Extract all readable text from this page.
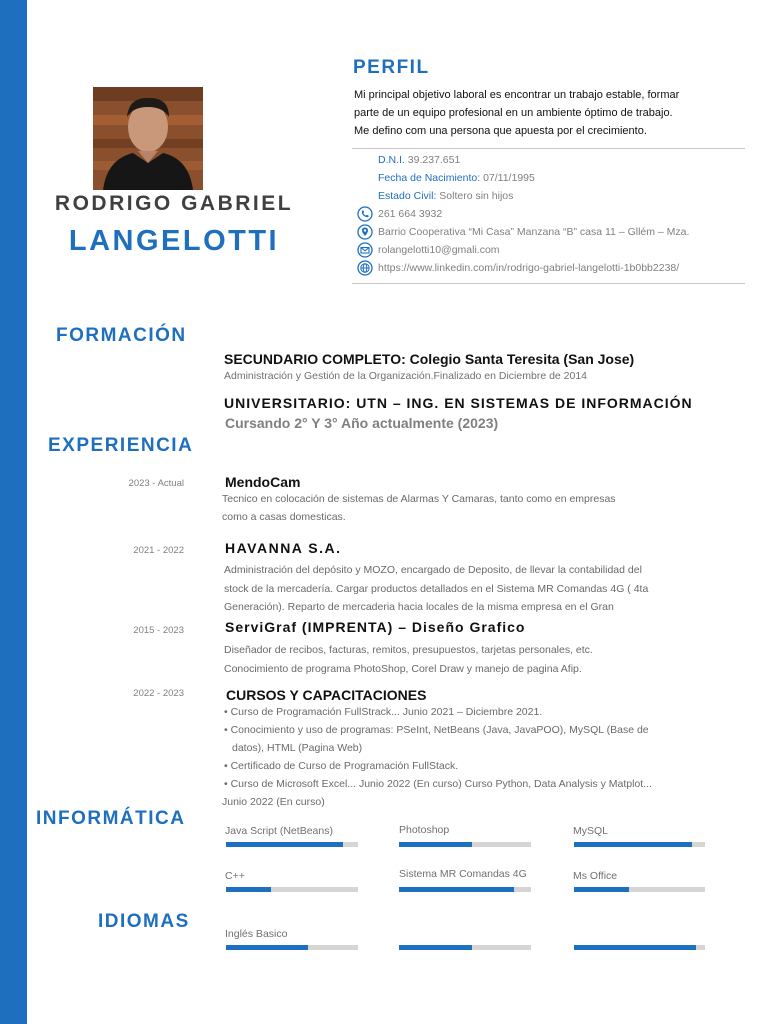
RODRIGO GABRIEL
LANGELOTTI
PERFIL
Mi principal objetivo laboral es encontrar un trabajo estable, formar
parte de un equipo profesional en un ambiente óptimo de trabajo.
Me defino com una persona que apuesta por el crecimiento.
D.N.I. 39.237.651
Fecha de Nacimiento: 07/11/1995
Estado Civil: Soltero sin hijos
261 664 3932
Barrio Cooperativa “Mi Casa” Manzana “B” casa 11 – Gllém – Mza.
rolangelotti10@gmali.com
https://www.linkedin.com/in/rodrigo-gabriel-langelotti-1b0bb2238/
FORMACIÓN
SECUNDARIO COMPLETO: Colegio Santa Teresita (San Jose)
Administración y Gestión de la Organización.Finalizado en Diciembre de 2014
UNIVERSITARIO: UTN – ING. EN SISTEMAS DE INFORMACIÓN
Cursando 2° Y 3° Año actualmente (2023)
EXPERIENCIA
2023 - Actual	MendoCam
Tecnico en colocación de sistemas de Alarmas Y Camaras, tanto como en empresas
como a casas domesticas.
2021 - 2022	HAVANNA S.A.
Administración del depósito y MOZO, encargado de Deposito, de llevar la contabilidad del
stock de la mercadería. Cargar productos detallados en el Sistema MR Comandas 4G ( 4ta
Generación). Reparto de mercaderia hacia locales de la misma empresa en el Gran
2015 - 2023	ServiGraf (IMPRENTA) – Diseño Grafico
Diseñador de recibos, facturas, remitos, presupuestos, tarjetas personales, etc.
Conocimiento de programa PhotoShop, Corel Draw y manejo de pagina Afip.
2022 - 2023	CURSOS Y CAPACITACIONES
• Curso de Programación FullStrack... Junio 2021 – Diciembre 2021.
• Conocimiento y uso de programas: PSeInt, NetBeans (Java, JavaPOO), MySQL (Base de
datos), HTML (Pagina Web)
• Certificado de Curso de Programación FullStack.
• Curso de Microsoft Excel... Junio 2022 (En curso) Curso Python, Data Analysis y Matplot...
Junio 2022 (En curso)
INFORMÁTICA
Java Script (NetBeans)	Photoshop	MySQL
C++	Sistema MR Comandas 4G	Ms Office
IDIOMAS
Inglés Basico
